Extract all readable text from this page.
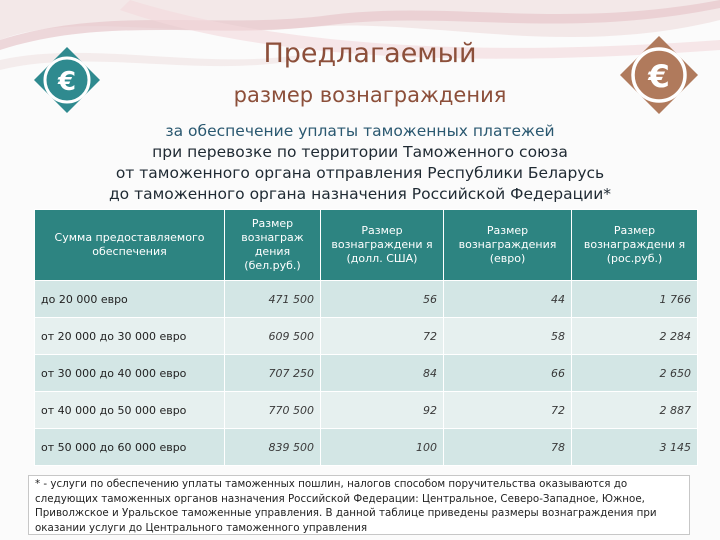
€	€
Предлагаемый
размер вознаграждения

за обеспечение уплаты таможенных платежей

при перевозке по территории Таможенного союза

от таможенного органа отправления Республики Беларусь

до таможенного органа назначения Российской Федерации*

Сумма предоставляемого обеспечения	Размер вознаграж дения (бел.руб.)	Размер вознаграждени я (долл. США)	Размер вознаграждения (евро)	Размер вознаграждени я (рос.руб.)
до 20 000 евро	471 500	56	44	1 766
от 20 000 до 30 000 евро	609 500	72	58	2 284
от 30 000 до 40 000 евро	707 250	84	66	2 650
от 40 000 до 50 000 евро	770 500	92	72	2 887
от 50 000 до 60 000 евро	839 500	100	78	3 145
* - услуги по обеспечению уплаты таможенных пошлин, налогов способом поручительства оказываются до следующих таможенных органов назначения Российской Федерации: Центральное, Северо-Западное, Южное, Приволжское и Уральское таможенные управления. В данной таблице приведены размеры вознаграждения при оказании услуги до Центрального таможенного управления
